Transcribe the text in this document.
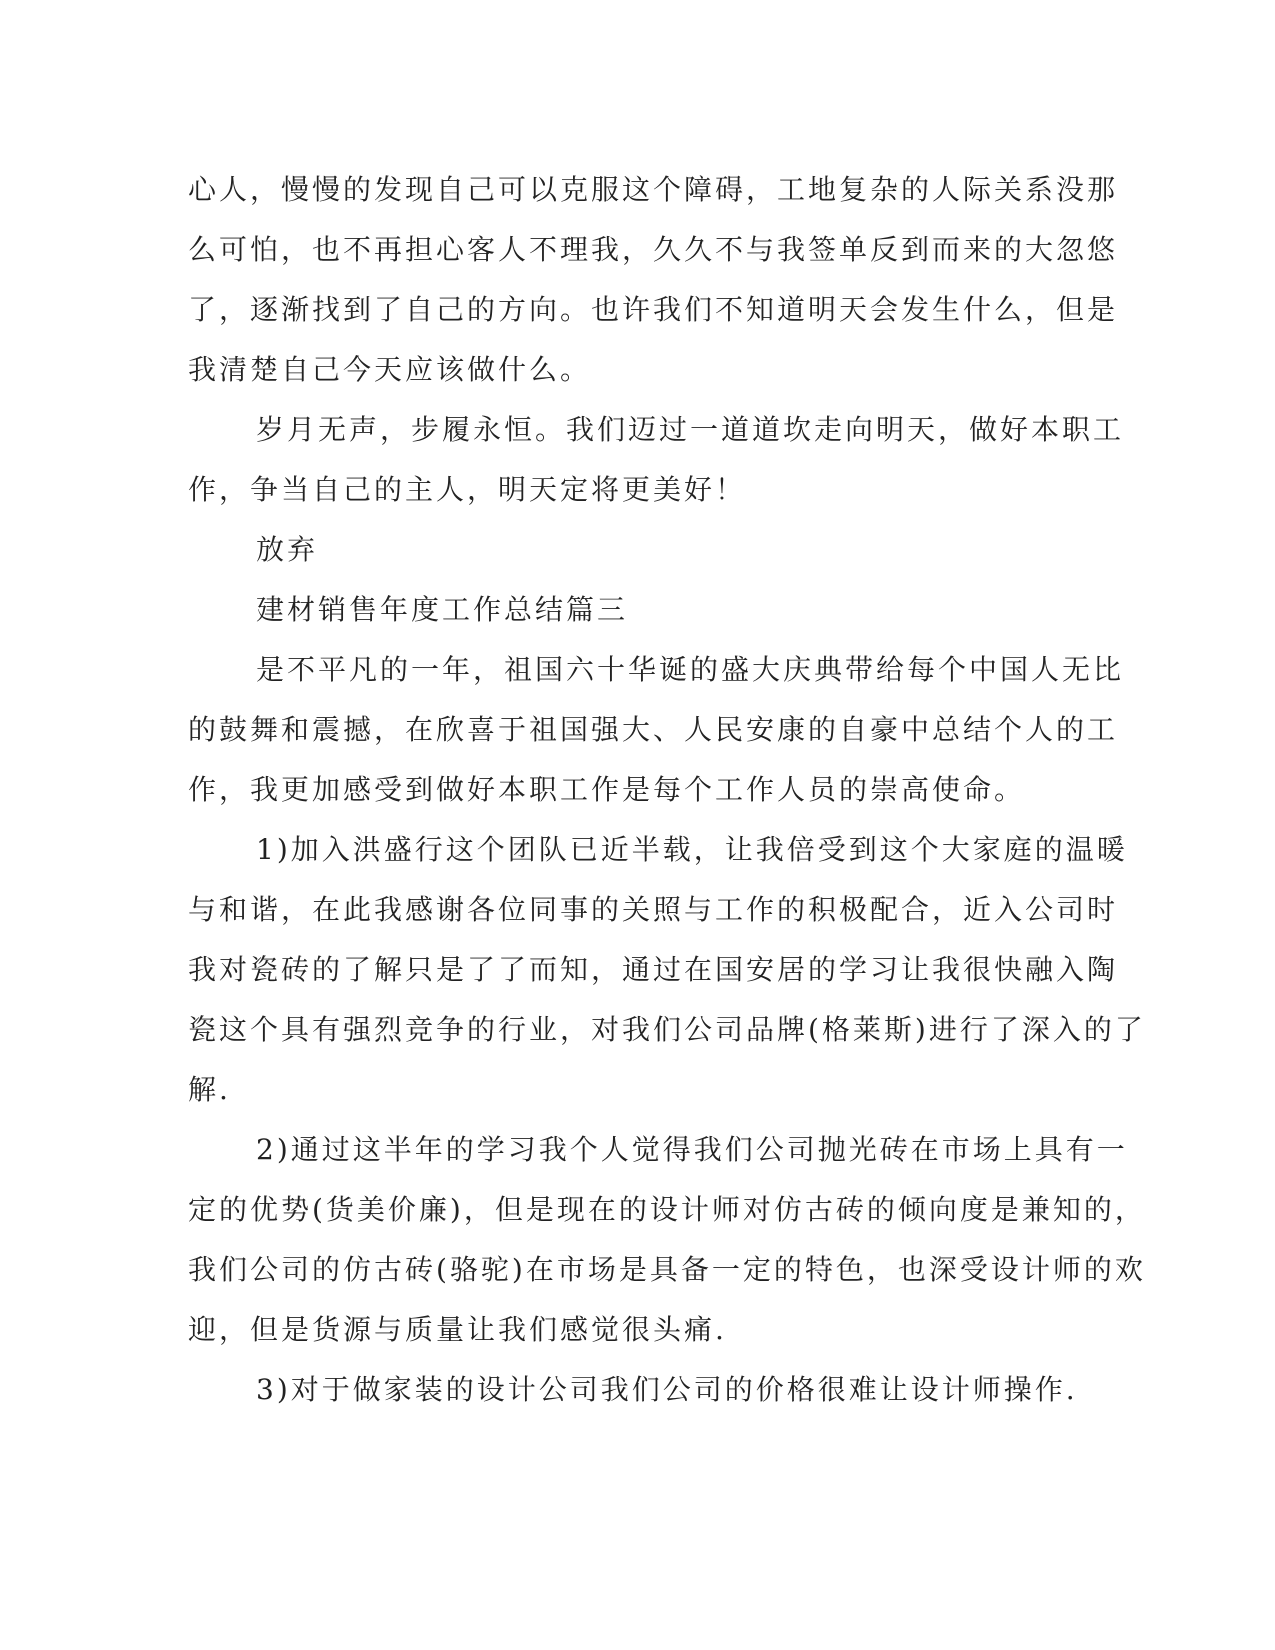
心人，慢慢的发现自己可以克服这个障碍，工地复杂的人际关系没那
么可怕，也不再担心客人不理我，久久不与我签单反到而来的大忽悠
了，逐渐找到了自己的方向。也许我们不知道明天会发生什么，但是
我清楚自己今天应该做什么。
岁月无声，步履永恒。我们迈过一道道坎走向明天，做好本职工
作，争当自己的主人，明天定将更美好！
放弃
建材销售年度工作总结篇三
是不平凡的一年，祖国六十华诞的盛大庆典带给每个中国人无比
的鼓舞和震撼，在欣喜于祖国强大、人民安康的自豪中总结个人的工
作，我更加感受到做好本职工作是每个工作人员的崇高使命。
1)加入洪盛行这个团队已近半载，让我倍受到这个大家庭的温暖
与和谐，在此我感谢各位同事的关照与工作的积极配合，近入公司时
我对瓷砖的了解只是了了而知，通过在国安居的学习让我很快融入陶
瓷这个具有强烈竞争的行业，对我们公司品牌(格莱斯)进行了深入的了
解.
2)通过这半年的学习我个人觉得我们公司抛光砖在市场上具有一
定的优势(货美价廉)，但是现在的设计师对仿古砖的倾向度是兼知的，
我们公司的仿古砖(骆驼)在市场是具备一定的特色，也深受设计师的欢
迎，但是货源与质量让我们感觉很头痛.
3)对于做家装的设计公司我们公司的价格很难让设计师操作.
